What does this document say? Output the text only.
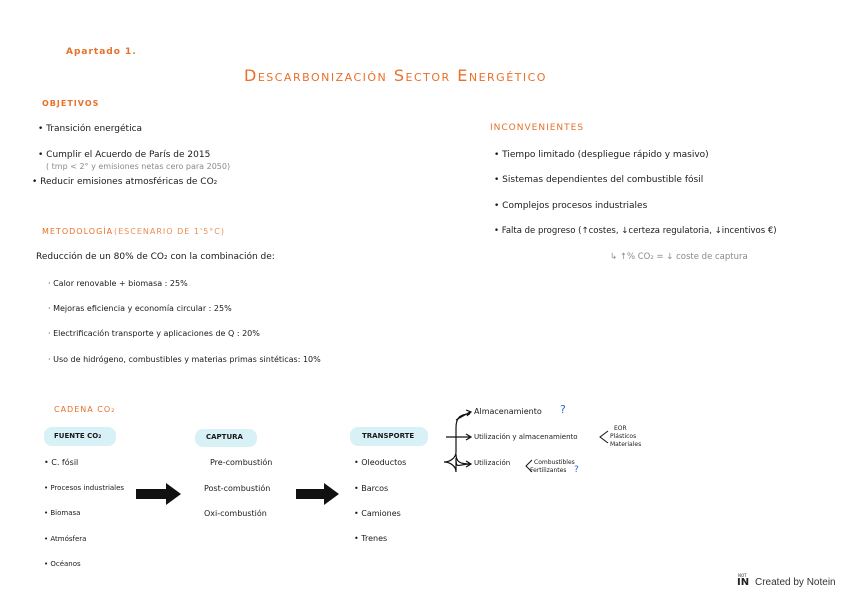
Apartado 1.
Descarbonización Sector Energético
OBJETIVOS
• Transición energética
• Cumplir el Acuerdo de París de 2015
( tmp < 2° y emisiones netas cero para 2050)
• Reducir emisiones atmosféricas de CO₂
INCONVENIENTES
• Tiempo limitado (despliegue rápido y masivo)
• Sistemas dependientes del combustible fósil
• Complejos procesos industriales
• Falta de progreso (↑costes, ↓certeza regulatoria, ↓incentivos €)
↳ ↑% CO₂ = ↓ coste de captura
METODOLOGÍA (ESCENARIO DE 1'5°C)
Reducción de un 80% de CO₂ con la combinación de:
· Calor renovable + biomasa : 25%
· Mejoras eficiencia y economía circular : 25%
· Electrificación transporte y aplicaciones de Q : 20%
· Uso de hidrógeno, combustibles y materias primas sintéticas: 10%
CADENA CO₂
FUENTE CO₂	CAPTURA	TRANSPORTE
• C. fósil
• Procesos industriales
• Biomasa
• Atmósfera
• Océanos
Pre-combustión
Post-combustión
Oxi-combustión
• Oleoductos
• Barcos
• Camiones
• Trenes
Almacenamiento ?
Utilización y almacenamiento
EOR
Plásticos
Materiales
Utilización	Combustibles
Fertilizantes ?
NOT
IN Created by Notein
